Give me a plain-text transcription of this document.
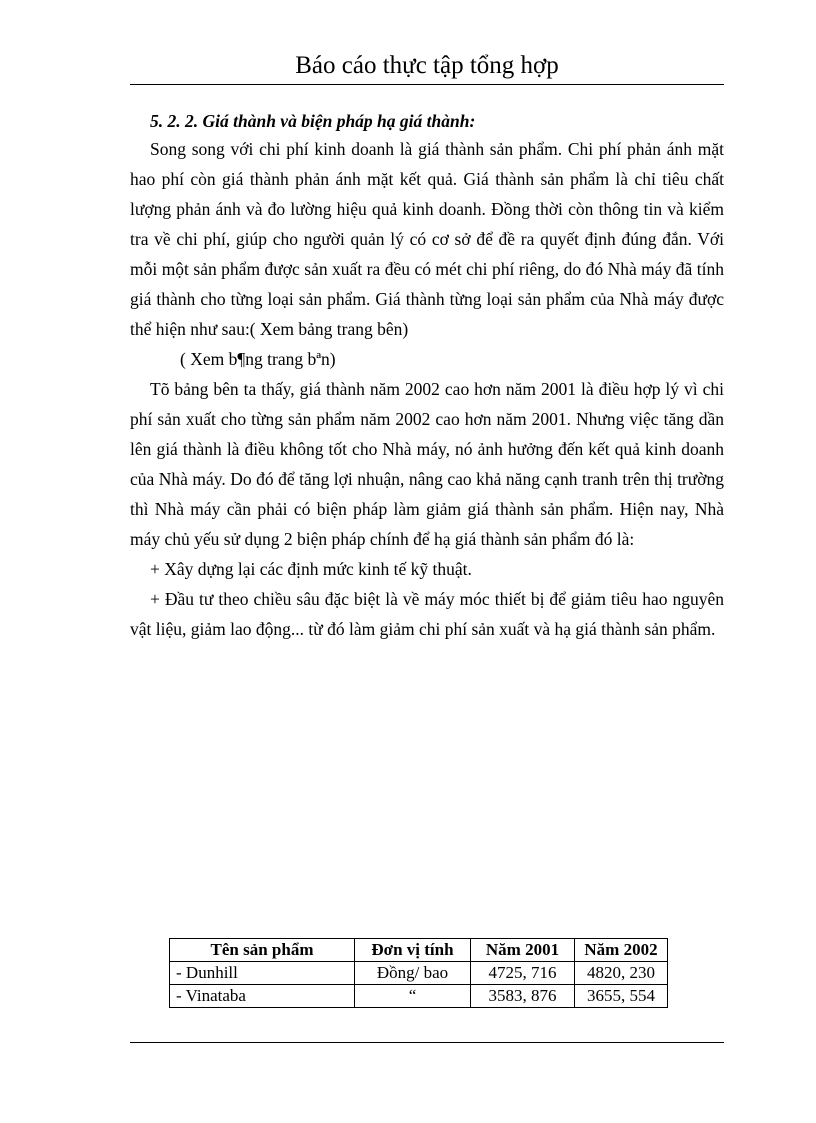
Báo cáo thực tập tổng hợp

5. 2. 2. Giá thành và biện pháp hạ giá thành:

Song song với chi phí kinh doanh là giá thành sản phẩm. Chi phí phản ánh mặt hao phí còn giá thành phản ánh mặt kết quả. Giá thành sản phẩm là chỉ tiêu chất lượng phản ánh và đo lường hiệu quả kinh doanh. Đồng thời còn thông tin và kiểm tra về chi phí, giúp cho người quản lý có cơ sở để đề ra quyết định đúng đắn. Với mỗi một sản phẩm được sản xuất ra đều có mét chi phí riêng, do đó Nhà máy đã tính giá thành cho từng loại sản phẩm. Giá thành từng loại sản phẩm của Nhà máy được thể hiện như sau:( Xem bảng trang bên)

( Xem b¶ng trang bªn)

Tõ bảng bên ta thấy, giá thành năm 2002 cao hơn năm 2001 là điều hợp lý vì chi phí sản xuất cho từng sản phẩm năm 2002 cao hơn năm 2001. Nhưng việc tăng dần lên giá thành là điều không tốt cho Nhà máy, nó ảnh hưởng đến kết quả kinh doanh của Nhà máy. Do đó để tăng lợi nhuận, nâng cao khả năng cạnh tranh trên thị trường thì Nhà máy cần phải có biện pháp làm giảm giá thành sản phẩm. Hiện nay, Nhà máy chủ yếu sử dụng 2 biện pháp chính để hạ giá thành sản phẩm đó là:

+ Xây dựng lại các định mức kinh tế kỹ thuật.

+ Đầu tư theo chiều sâu đặc biệt là về máy móc thiết bị để giảm tiêu hao nguyên vật liệu, giảm lao động... từ đó làm giảm chi phí sản xuất và hạ giá thành sản phẩm.

Tên sản phẩm	Đơn vị tính	Năm 2001	Năm 2002
- Dunhill	Đồng/ bao	4725, 716	4820, 230
- Vinataba	“	3583, 876	3655, 554
